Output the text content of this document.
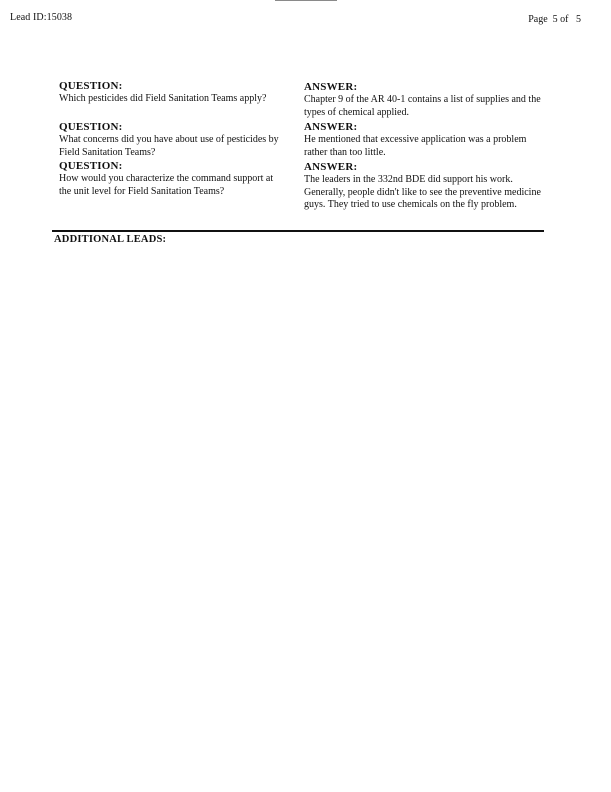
Lead ID:15038	Page 5 of 5
QUESTION:
Which pesticides did Field Sanitation Teams apply?
ANSWER:
Chapter 9 of the AR 40-1 contains a list of supplies and the types of chemical applied.
QUESTION:
What concerns did you have about use of pesticides by Field Sanitation Teams?
ANSWER:
He mentioned that excessive application was a problem rather than too little.
QUESTION:
How would you characterize the command support at the unit level for Field Sanitation Teams?
ANSWER:
The leaders in the 332nd BDE did support his work. Generally, people didn't like to see the preventive medicine guys. They tried to use chemicals on the fly problem.
ADDITIONAL LEADS:
